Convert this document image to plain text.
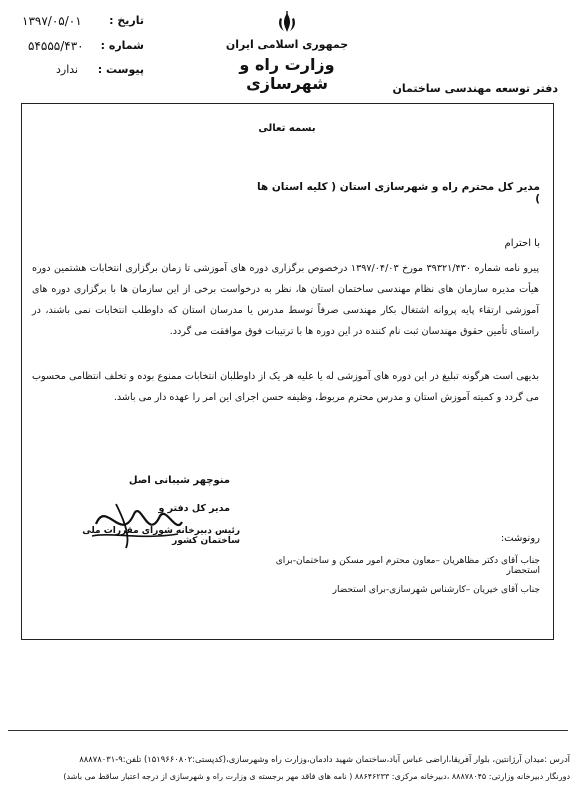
تاریخ :
۱۳۹۷/۰۵/۰۱
شماره :
۵۴۵۵۵/۴۳۰
پیوست :
ندارد
جمهوری اسلامی ایران
وزارت راه و شهرسازی	دفتر توسعه مهندسی ساختمان
بسمه تعالی
مدیر کل محترم راه و شهرسازی استان ( کلیه استان ها )
با احترام
پیرو نامه شماره ۳۹۳۲۱/۴۳۰ مورخ ۱۳۹۷/۰۴/۰۳ درخصوص برگزاری دوره های آموزشی تا زمان برگزاری انتخابات هشتمین دوره هیأت مدیره سازمان های نظام مهندسی ساختمان استان ها، نظر به درخواست برخی از این سازمان ها با برگزاری دوره های آموزشی ارتقاء پایه پروانه اشتغال بکار مهندسی صرفاً توسط مدرس یا مدرسان استان که داوطلب انتخابات نمی باشند، در راستای تأمین حقوق مهندسان ثبت نام کننده در این دوره ها با ترتیبات فوق موافقت می گردد.
بدیهی است هرگونه تبلیغ در این دوره های آموزشی له یا علیه هر یک از داوطلبان انتخابات ممنوع بوده و تخلف انتظامی محسوب می گردد و کمیته آموزش استان و مدرس محترم مربوط، وظیفه حسن اجرای این امر را عهده دار می باشد.
منوچهر شیبانی اصل
مدیر کل دفتر و
رئیس دبیرخانه شورای مقررات ملی ساختمان کشور	رونوشت:
جناب آقای دکتر مظاهریان –معاون محترم امور مسکن و ساختمان-برای استحضار
جناب آقای خیریان –کارشناس شهرسازی-برای استحضار
آدرس :میدان آرژانتین، بلوار آفریقا،اراضی عباس آباد،ساختمان شهید دادمان،وزارت راه وشهرسازی،(کدپستی:۱۵۱۹۶۶۰۸۰۲) تلفن:۹-۸۸۸۷۸۰۳۱
دورنگار دبیرخانه وزارتی: ۸۸۸۷۸۰۴۵ ،دبیرخانه مرکزی: ۸۸۶۴۶۲۳۳ ( نامه های فاقد مهر برجسته ی وزارت راه و شهرسازی از درجه اعتبار ساقط می باشد)
